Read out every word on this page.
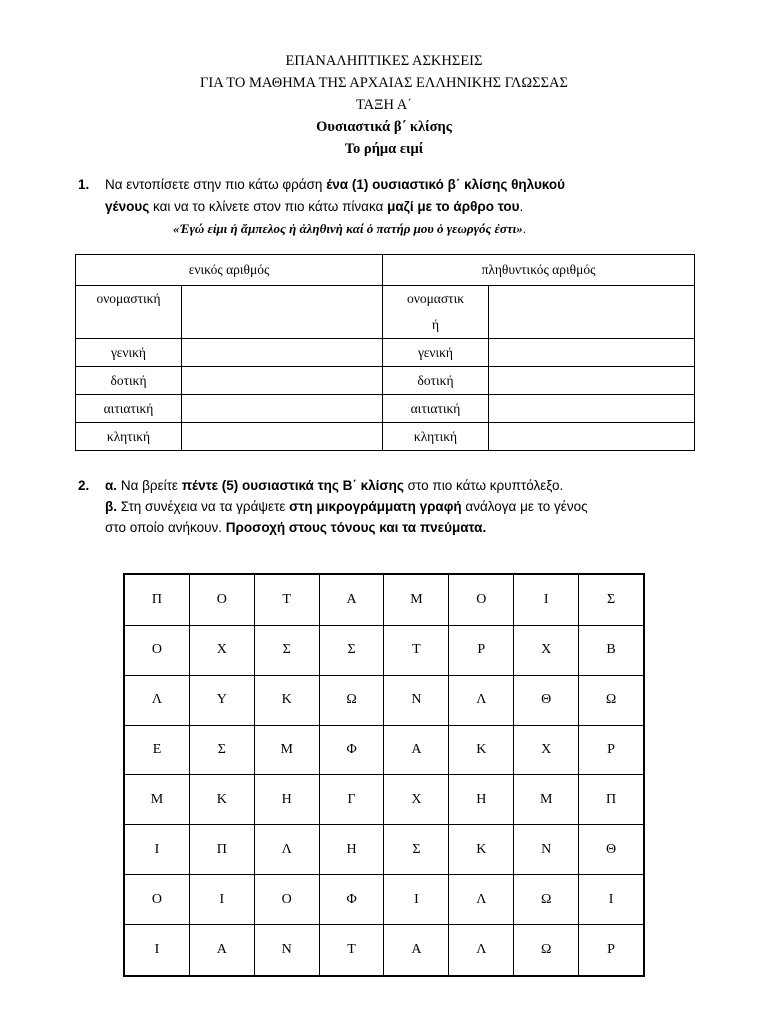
ΕΠΑΝΑΛΗΠΤΙΚΕΣ ΑΣΚΗΣΕΙΣ
ΓΙΑ ΤΟ ΜΑΘΗΜΑ ΤΗΣ ΑΡΧΑΙΑΣ ΕΛΛΗΝΙΚΗΣ ΓΛΩΣΣΑΣ
ΤΑΞΗ Α΄
Ουσιαστικά β΄ κλίσης
Το ρήμα ειμί
1. Να εντοπίσετε στην πιο κάτω φράση ένα (1) ουσιαστικό β΄ κλίσης θηλυκού
γένους και να το κλίνετε στον πιο κάτω πίνακα μαζί με το άρθρο του.
«Ἐγώ εἰμι ἡ ἄμπελος ἡ ἀληθινὴ καί ὁ πατήρ μου ὁ γεωργός ἐστι».
ενικός αριθμός		πληθυντικός αριθμός	
ονομαστική		ονομαστικ
ή	
γενική		γενική	
δοτική		δοτική	
αιτιατική		αιτιατική	
κλητική		κλητική	
2. α. Να βρείτε πέντε (5) ουσιαστικά της Β΄ κλίσης στο πιο κάτω κρυπτόλεξο.
β. Στη συνέχεια να τα γράψετε στη μικρογράμματη γραφή ανάλογα με το γένος
στο οποίο ανήκουν. Προσοχή στους τόνους και τα πνεύματα.
Π	Ο	Τ	Α	Μ	Ο	Ι	Σ
Ο	Χ	Σ	Σ	Τ	Ρ	Χ	Β
Λ	Υ	Κ	Ω	Ν	Λ	Θ	Ω
Ε	Σ	Μ	Φ	Α	Κ	Χ	Ρ
Μ	Κ	Η	Γ	Χ	Η	Μ	Π
Ι	Π	Λ	Η	Σ	Κ	Ν	Θ
Ο	Ι	Ο	Φ	Ι	Λ	Ω	Ι
Ι	Α	Ν	Τ	Α	Λ	Ω	Ρ
